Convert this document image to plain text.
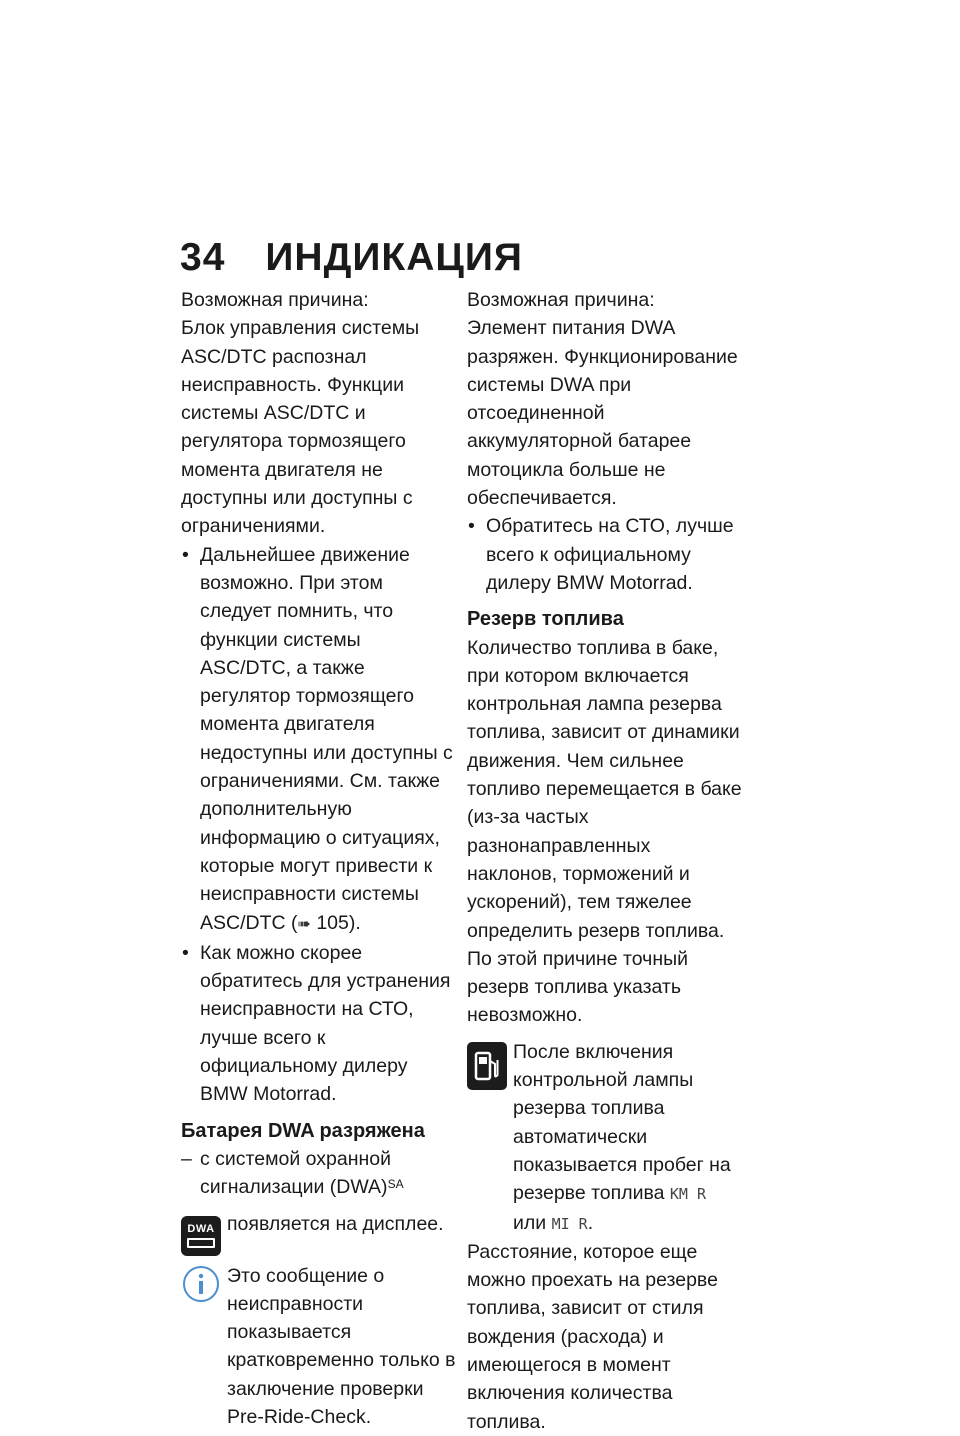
34 ИНДИКАЦИЯ

Возможная причина:

Блок управления системы ASC/DTC распознал неисправность. Функции системы ASC/DTC и регулятора тормозящего момента двигателя не доступны или доступны с ограничениями.

• Дальнейшее движение возможно. При этом следует помнить, что функции системы ASC/DTC, а также регулятор тормозящего момента двигателя недоступны или доступны с ограничениями. См. также дополнительную информацию о ситуациях, которые могут привести к неисправности системы ASC/DTC (➠ 105).

• Как можно скорее обратитесь для устранения неисправности на СТО, лучше всего к официальному дилеру BMW Motorrad.

Батарея DWA разряжена

– с системой охранной сигнализации (DWA)$^{SA}$

DWA появляется на дисплее.

Это сообщение о неисправности показывается кратковременно только в заключение проверки Pre-Ride-Check.

Возможная причина:

Элемент питания DWA разряжен. Функционирование системы DWA при отсоединенной аккумуляторной батарее мотоцикла больше не обеспечивается.

• Обратитесь на СТО, лучше всего к официальному дилеру BMW Motorrad.

Резерв топлива

Количество топлива в баке, при котором включается контрольная лампа резерва топлива, зависит от динамики движения. Чем сильнее топливо перемещается в баке (из-за частых разнонаправленных наклонов, торможений и ускорений), тем тяжелее определить резерв топлива. По этой причине точный резерв топлива указать невозможно.

После включения контрольной лампы резерва топлива автоматически показывается пробег на резерве топлива KM R или MI R.

Расстояние, которое еще можно проехать на резерве топлива, зависит от стиля вождения (расхода) и имеющегося в момент включения количества топлива.
